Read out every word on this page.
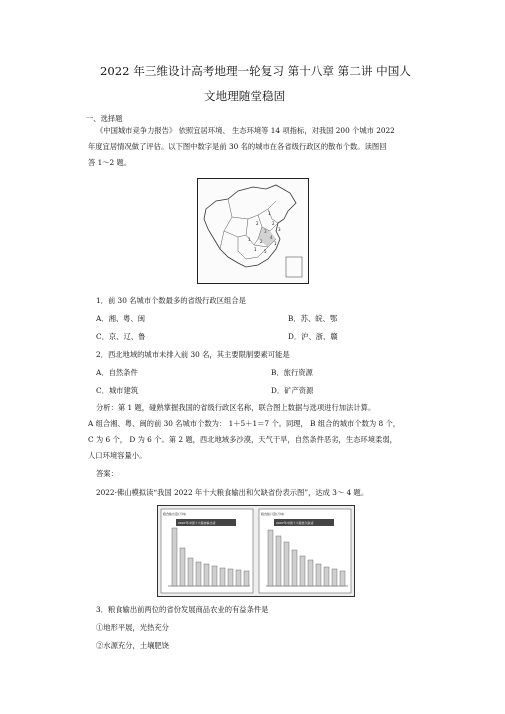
2022 年三维设计高考地理一轮复习 第十八章 第二讲 中国人
文地理随堂稳固
一、选择题
《中国城市竞争力报告》 依照宜居环境、 生态环境等 14 项指标，对我国 200 个城市 2022
年度宜居情况做了评估。以下图中数字是前 30 名的城市在各省级行政区的散布个数。读图回
答 1～2 题。
1
2
3
4
2
1 5
1
2
1
3
1．前 30 名城市个数最多的省级行政区组合是
A．湘、粤、闽	B．苏、皖、鄂
C．京、辽、鲁	D．沪、浙、赣
2．西北地域的城市未排入前 30 名，其主要限制要素可能是
A．自然条件	B．旅行资源
C．城市建筑	D．矿产资源
分析：第 1 题，碰熟掌握我国的省级行政区名称，联合图上数据与选项进行加法计算。
A 组合湘、粤、闽的前 30 名城市个数为： 1＋5＋1＝7 个。同理， B 组合的城市个数为 8 个，
C 为 6 个， D 为 6 个。第 2 题，西北地域多沙漠，天气干旱，自然条件恶劣，生态环境柔弱，
人口环境容量小。
答案：
2022·佛山模拟读“我国 2022 年十大粮食输出和欠缺省份表示图”，达成 3～ 4 题。
粮食输出量(万吨)
2007年中国十大粮食输出省
粮食缺口量(万吨)
2007年中国十大粮食欠缺省
3．粮食输出前两位的省份发展商品农业的有益条件是
①地形平展，光热充分
②水源充分，土壤肥饶
